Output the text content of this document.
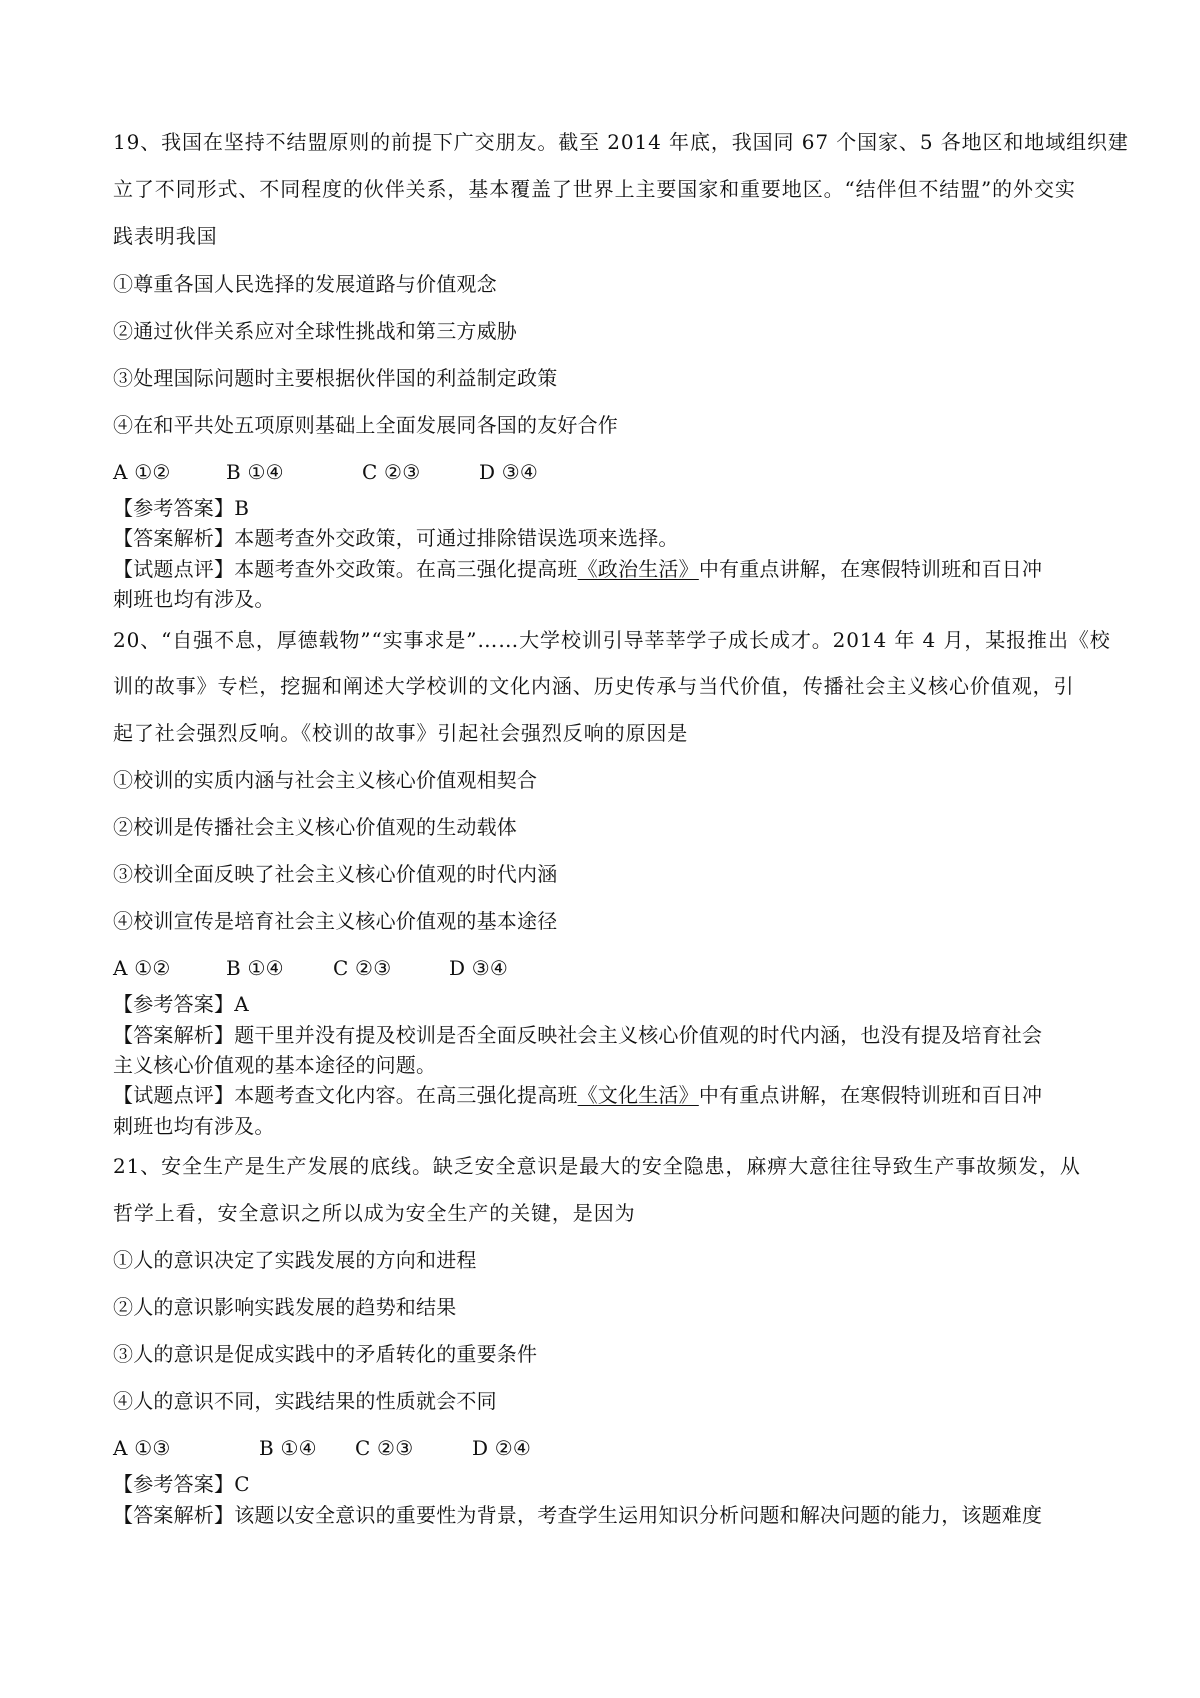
19、我国在坚持不结盟原则的前提下广交朋友。截至 2014 年底，我国同 67 个国家、5 各地区和地域组织建
立了不同形式、不同程度的伙伴关系，基本覆盖了世界上主要国家和重要地区。“结伴但不结盟”的外交实
践表明我国
①尊重各国人民选择的发展道路与价值观念
②通过伙伴关系应对全球性挑战和第三方威胁
③处理国际问题时主要根据伙伴国的利益制定政策
④在和平共处五项原则基础上全面发展同各国的友好合作
A ①②	B ①④	C ②③	D ③④
【参考答案】B
【答案解析】本题考查外交政策，可通过排除错误选项来选择。
【试题点评】本题考查外交政策。在高三强化提高班《政治生活》中有重点讲解，在寒假特训班和百日冲
刺班也均有涉及。
20、“自强不息，厚德载物”“实事求是”……大学校训引导莘莘学子成长成才。2014 年 4 月，某报推出《校
训的故事》专栏，挖掘和阐述大学校训的文化内涵、历史传承与当代价值，传播社会主义核心价值观，引
起了社会强烈反响。《校训的故事》引起社会强烈反响的原因是
①校训的实质内涵与社会主义核心价值观相契合
②校训是传播社会主义核心价值观的生动载体
③校训全面反映了社会主义核心价值观的时代内涵
④校训宣传是培育社会主义核心价值观的基本途径
A ①②	B ①④ C ②③	D ③④
【参考答案】A
【答案解析】题干里并没有提及校训是否全面反映社会主义核心价值观的时代内涵，也没有提及培育社会
主义核心价值观的基本途径的问题。
【试题点评】本题考查文化内容。在高三强化提高班《文化生活》中有重点讲解，在寒假特训班和百日冲
刺班也均有涉及。
21、安全生产是生产发展的底线。缺乏安全意识是最大的安全隐患，麻痹大意往往导致生产事故频发，从
哲学上看，安全意识之所以成为安全生产的关键，是因为
①人的意识决定了实践发展的方向和进程
②人的意识影响实践发展的趋势和结果
③人的意识是促成实践中的矛盾转化的重要条件
④人的意识不同，实践结果的性质就会不同
A ①③	B ①④ C ②③	D ②④
【参考答案】C
【答案解析】该题以安全意识的重要性为背景，考查学生运用知识分析问题和解决问题的能力，该题难度
